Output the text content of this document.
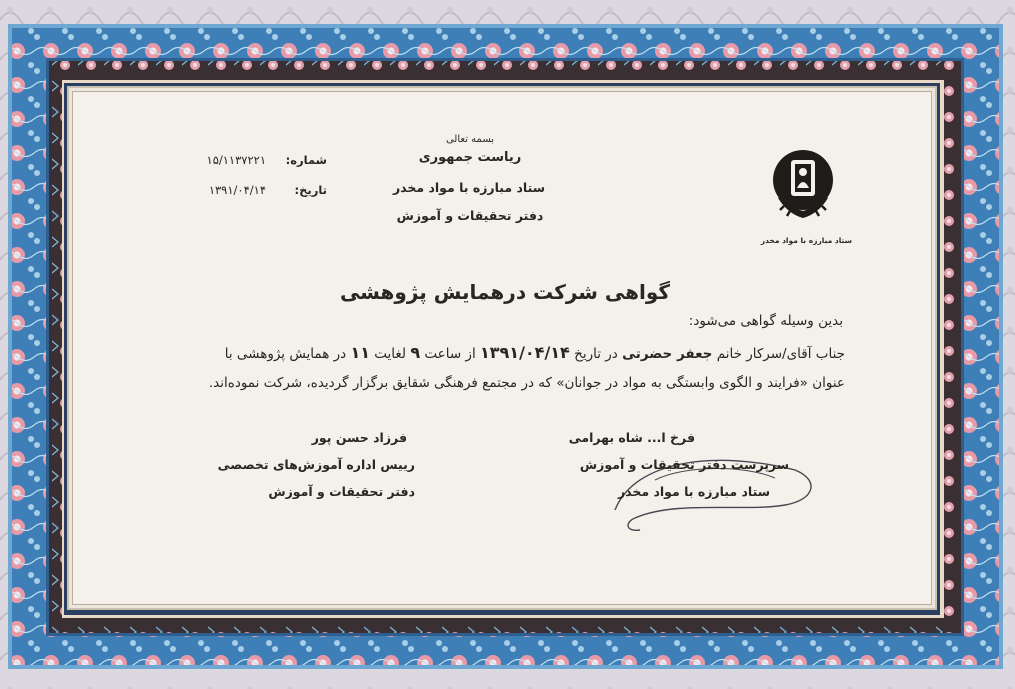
بسمه تعالی
ریاست جمهوری
ستاد مبارزه با مواد مخدر
دفتر تحقیقات و آموزش
شماره:
۱۵/۱۱۳۷۲۲۱
تاریخ:
۱۳۹۱/۰۴/۱۴
ستاد مبارزه با مواد مخدر
گواهی شرکت درهمایش پژوهشی
بدین وسیله گواهی می‌شود:
جناب آقای/سرکار خانم جعفر حضرتی در تاریخ ۱۳۹۱/۰۴/۱۴ از ساعت ۹ لغایت ۱۱ در همایش پژوهشی با
عنوان «فرایند و الگوی وابستگی به مواد در جوانان» که در مجتمع فرهنگی شقایق برگزار گردیده، شرکت نموده‌اند.
فرزاد حسن پور
رییس اداره آموزش‌های تخصصی
دفتر تحقیقات و آموزش
فرخ ا... شاه بهرامی
سرپرست دفتر تحقیقات و آموزش
ستاد مبارزه با مواد مخدر
